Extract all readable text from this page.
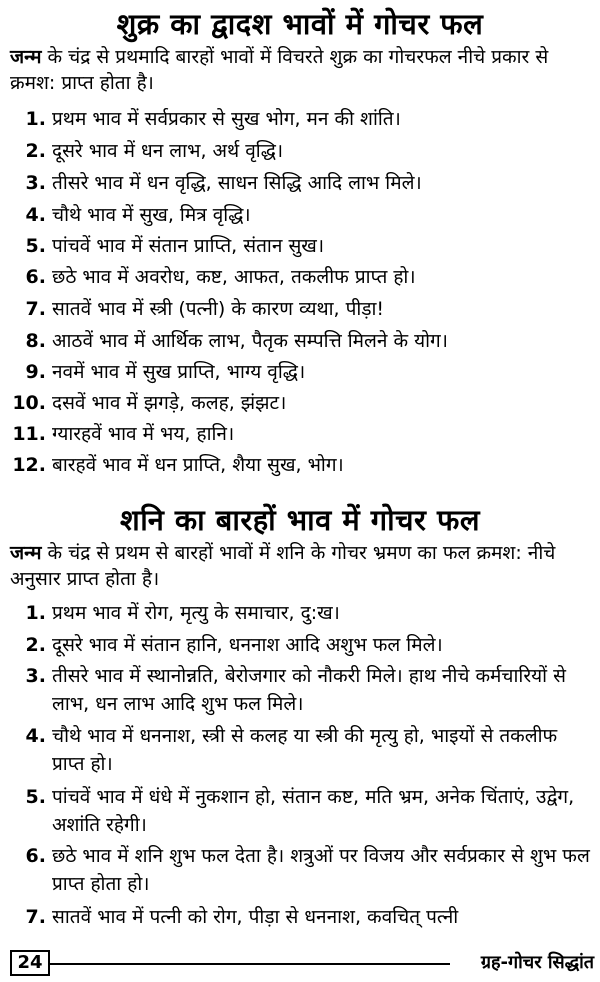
शुक्र का द्वादश भावों में गोचर फल
जन्म के चंद्र से प्रथमादि बारहों भावों में विचरते शुक्र का गोचरफल नीचे प्रकार से क्रमश: प्राप्त होता है।
1. प्रथम भाव में सर्वप्रकार से सुख भोग, मन की शांति।
2. दूसरे भाव में धन लाभ, अर्थ वृद्धि।
3. तीसरे भाव में धन वृद्धि, साधन सिद्धि आदि लाभ मिले।
4. चौथे भाव में सुख, मित्र वृद्धि।
5. पांचवें भाव में संतान प्राप्ति, संतान सुख।
6. छठे भाव में अवरोध, कष्ट, आफत, तकलीफ प्राप्त हो।
7. सातवें भाव में स्त्री (पत्नी) के कारण व्यथा, पीड़ा!
8. आठवें भाव में आर्थिक लाभ, पैतृक सम्पत्ति मिलने के योग।
9. नवमें भाव में सुख प्राप्ति, भाग्य वृद्धि।
10. दसवें भाव में झगड़े, कलह, झंझट।
11. ग्यारहवें भाव में भय, हानि।
12. बारहवें भाव में धन प्राप्ति, शैया सुख, भोग।
शनि का बारहों भाव में गोचर फल
जन्म के चंद्र से प्रथम से बारहों भावों में शनि के गोचर भ्रमण का फल क्रमश: नीचे अनुसार प्राप्त होता है।
1. प्रथम भाव में रोग, मृत्यु के समाचार, दु:ख।
2. दूसरे भाव में संतान हानि, धननाश आदि अशुभ फल मिले।
3. तीसरे भाव में स्थानोन्नति, बेरोजगार को नौकरी मिले। हाथ नीचे कर्मचारियों से लाभ, धन लाभ आदि शुभ फल मिले।
4. चौथे भाव में धननाश, स्त्री से कलह या स्त्री की मृत्यु हो, भाइयों से तकलीफ प्राप्त हो।
5. पांचवें भाव में धंधे में नुकशान हो, संतान कष्ट, मति भ्रम, अनेक चिंताएं, उद्वेग, अशांति रहेगी।
6. छठे भाव में शनि शुभ फल देता है। शत्रुओं पर विजय और सर्वप्रकार से शुभ फल प्राप्त होता हो।
7. सातवें भाव में पत्नी को रोग, पीड़ा से धननाश, कवचित् पत्नी
24	ग्रह-गोचर सिद्धांत
